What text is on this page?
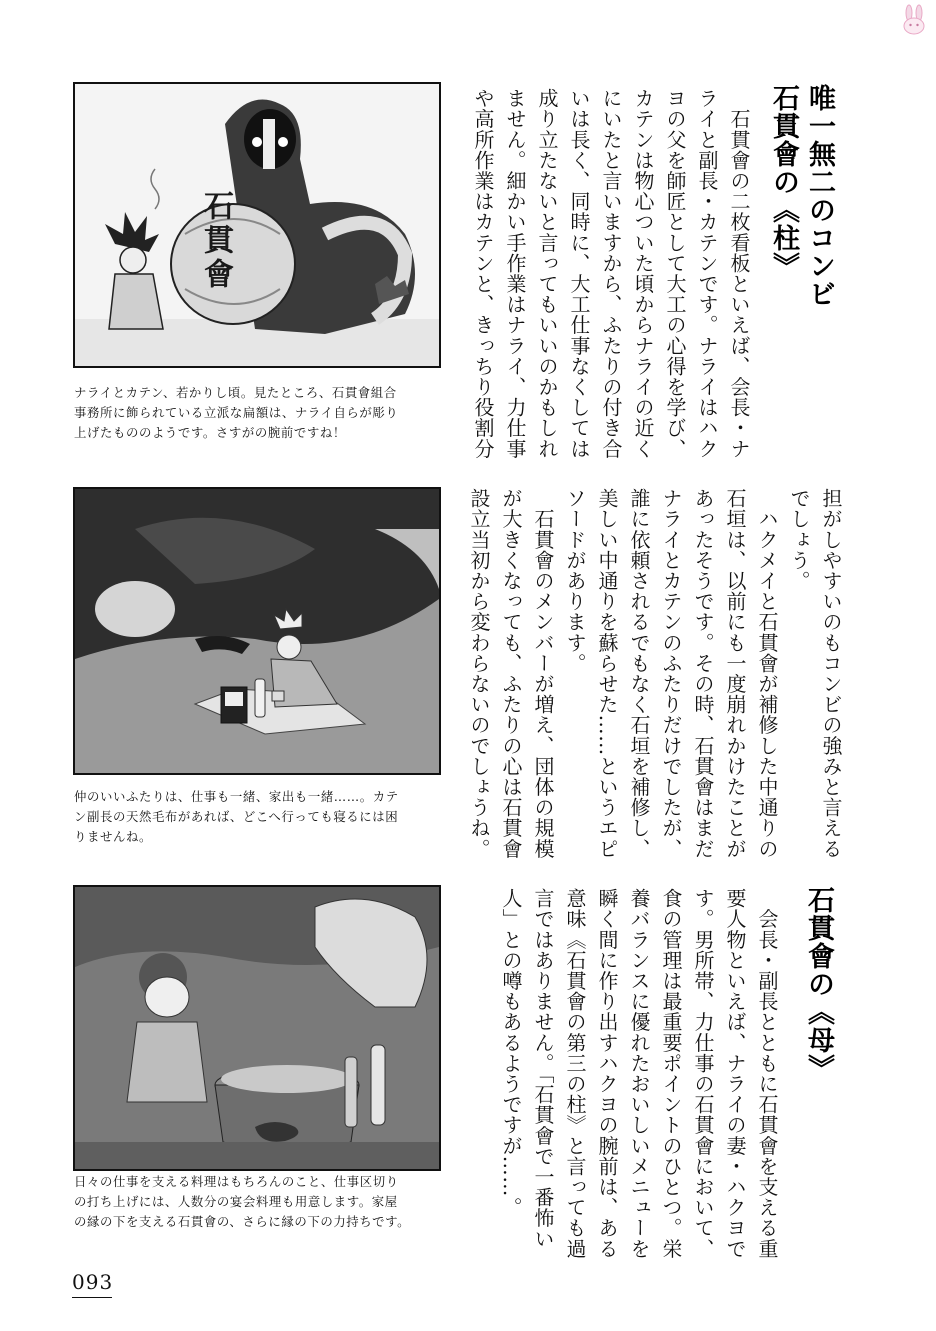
石貫會
ナライとカテン、若かりし頃。見たところ、石貫會組合
事務所に飾られている立派な扁額は、ナライ自らが彫り
上げたもののようです。さすがの腕前ですね！
仲のいいふたりは、仕事も一緒、家出も一緒……。カテ
ン副長の天然毛布があれば、どこへ行っても寝るには困
りませんね。
日々の仕事を支える料理はもちろんのこと、仕事区切り
の打ち上げには、人数分の宴会料理も用意します。家屋
の縁の下を支える石貫會の、さらに縁の下の力持ちです。
唯一無二のコンビ
石貫會の《柱》
　石貫會の二枚看板といえば、会長・ナ
ライと副長・カテンです。ナライはハク
ヨの父を師匠として大工の心得を学び、
カテンは物心ついた頃からナライの近く
にいたと言いますから、ふたりの付き合
いは長く、同時に、大工仕事なくしては
成り立たないと言ってもいいのかもしれ
ません。細かい手作業はナライ、力仕事
や高所作業はカテンと、きっちり役割分
担がしやすいのもコンビの強みと言える
でしょう。
　ハクメイと石貫會が補修した中通りの
石垣は、以前にも一度崩れかけたことが
あったそうです。その時、石貫會はまだ
ナライとカテンのふたりだけでしたが、
誰に依頼されるでもなく石垣を補修し、
美しい中通りを蘇らせた……というエピ
ソードがあります。
　石貫會のメンバーが増え、団体の規模
が大きくなっても、ふたりの心は石貫會
設立当初から変わらないのでしょうね。
石貫會の《母》
　会長・副長とともに石貫會を支える重
要人物といえば、ナライの妻・ハクヨで
す。男所帯、力仕事の石貫會において、
食の管理は最重要ポイントのひとつ。栄
養バランスに優れたおいしいメニューを
瞬く間に作り出すハクヨの腕前は、ある
意味《石貫會の第三の柱》と言っても過
言ではありません。「石貫會で一番怖い
人」との噂もあるようですが……。
093
